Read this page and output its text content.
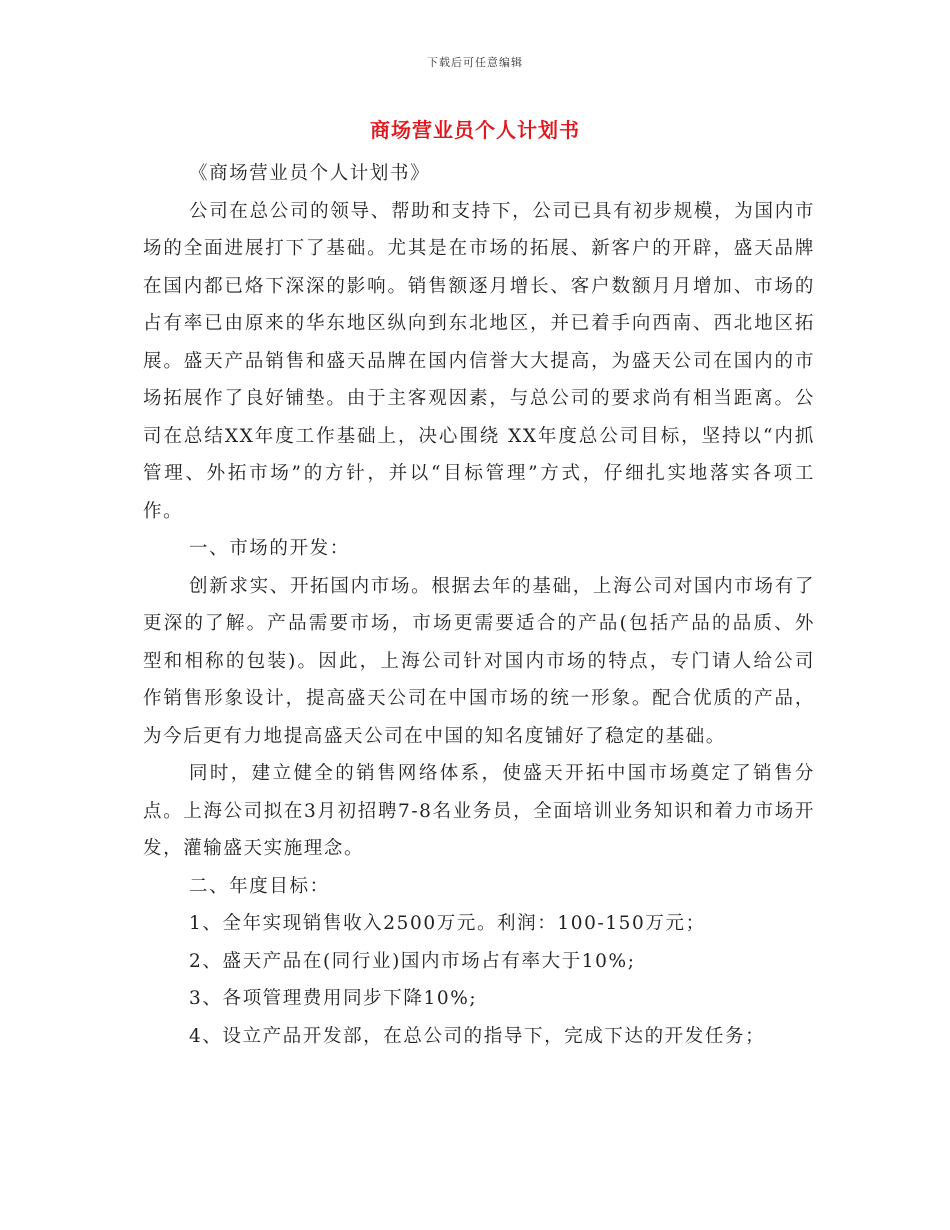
下载后可任意编辑
商场营业员个人计划书

《商场营业员个人计划书》

公司在总公司的领导、帮助和支持下，公司已具有初步规模，为国内市场的全面进展打下了基础。尤其是在市场的拓展、新客户的开辟，盛天品牌在国内都已烙下深深的影响。销售额逐月增长、客户数额月月增加、市场的占有率已由原来的华东地区纵向到东北地区，并已着手向西南、西北地区拓展。盛天产品销售和盛天品牌在国内信誉大大提高，为盛天公司在国内的市场拓展作了良好铺垫。由于主客观因素，与总公司的要求尚有相当距离。公司在总结XX年度工作基础上，决心围绕 XX年度总公司目标，坚持以“内抓管理、外拓市场”的方针，并以“目标管理”方式，仔细扎实地落实各项工作。

一、市场的开发：

创新求实、开拓国内市场。根据去年的基础，上海公司对国内市场有了更深的了解。产品需要市场，市场更需要适合的产品(包括产品的品质、外型和相称的包装)。因此，上海公司针对国内市场的特点，专门请人给公司作销售形象设计，提高盛天公司在中国市场的统一形象。配合优质的产品，为今后更有力地提高盛天公司在中国的知名度铺好了稳定的基础。

同时，建立健全的销售网络体系，使盛天开拓中国市场奠定了销售分点。上海公司拟在3月初招聘7-8名业务员，全面培训业务知识和着力市场开发，灌输盛天实施理念。

二、年度目标：

1、全年实现销售收入2500万元。利润：100-150万元；

2、盛天产品在(同行业)国内市场占有率大于10%;

3、各项管理费用同步下降10%;

4、设立产品开发部，在总公司的指导下，完成下达的开发任务；
